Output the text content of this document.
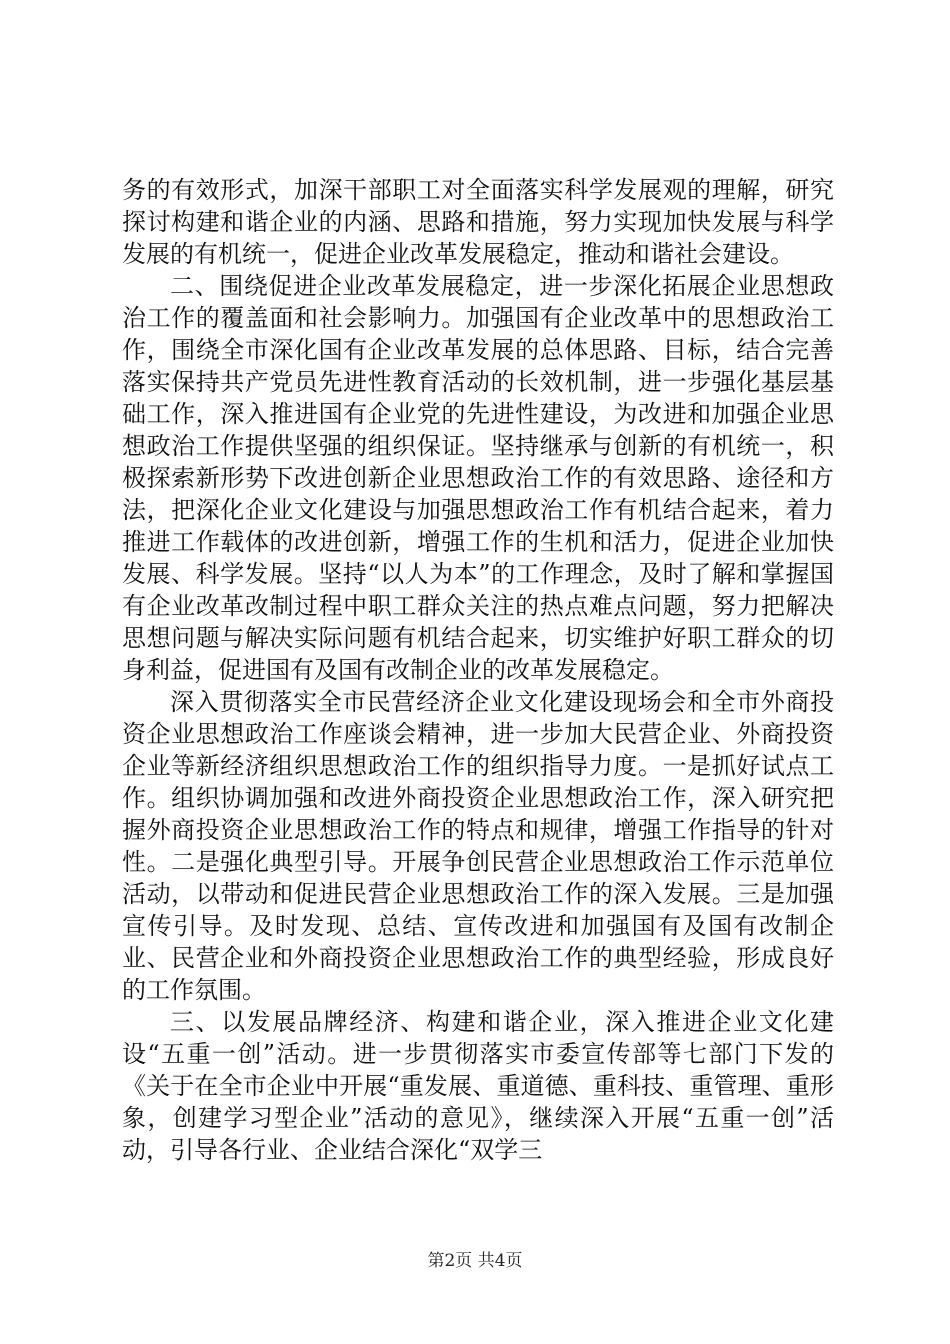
务的有效形式，加深干部职工对全面落实科学发展观的理解，研究探讨构建和谐企业的内涵、思路和措施，努力实现加快发展与科学发展的有机统一，促进企业改革发展稳定，推动和谐社会建设。

二、围绕促进企业改革发展稳定，进一步深化拓展企业思想政治工作的覆盖面和社会影响力。加强国有企业改革中的思想政治工作，围绕全市深化国有企业改革发展的总体思路、目标，结合完善落实保持共产党员先进性教育活动的长效机制，进一步强化基层基础工作，深入推进国有企业党的先进性建设，为改进和加强企业思想政治工作提供坚强的组织保证。坚持继承与创新的有机统一，积极探索新形势下改进创新企业思想政治工作的有效思路、途径和方法，把深化企业文化建设与加强思想政治工作有机结合起来，着力推进工作载体的改进创新，增强工作的生机和活力，促进企业加快发展、科学发展。坚持“以人为本”的工作理念，及时了解和掌握国有企业改革改制过程中职工群众关注的热点难点问题，努力把解决思想问题与解决实际问题有机结合起来，切实维护好职工群众的切身利益，促进国有及国有改制企业的改革发展稳定。

深入贯彻落实全市民营经济企业文化建设现场会和全市外商投资企业思想政治工作座谈会精神，进一步加大民营企业、外商投资企业等新经济组织思想政治工作的组织指导力度。一是抓好试点工作。组织协调加强和改进外商投资企业思想政治工作，深入研究把握外商投资企业思想政治工作的特点和规律，增强工作指导的针对性。二是强化典型引导。开展争创民营企业思想政治工作示范单位活动，以带动和促进民营企业思想政治工作的深入发展。三是加强宣传引导。及时发现、总结、宣传改进和加强国有及国有改制企业、民营企业和外商投资企业思想政治工作的典型经验，形成良好的工作氛围。

三、以发展品牌经济、构建和谐企业，深入推进企业文化建设“五重一创”活动。进一步贯彻落实市委宣传部等七部门下发的《关于在全市企业中开展“重发展、重道德、重科技、重管理、重形象，创建学习型企业”活动的意见》，继续深入开展“五重一创”活动，引导各行业、企业结合深化“双学三

第2页 共4页
